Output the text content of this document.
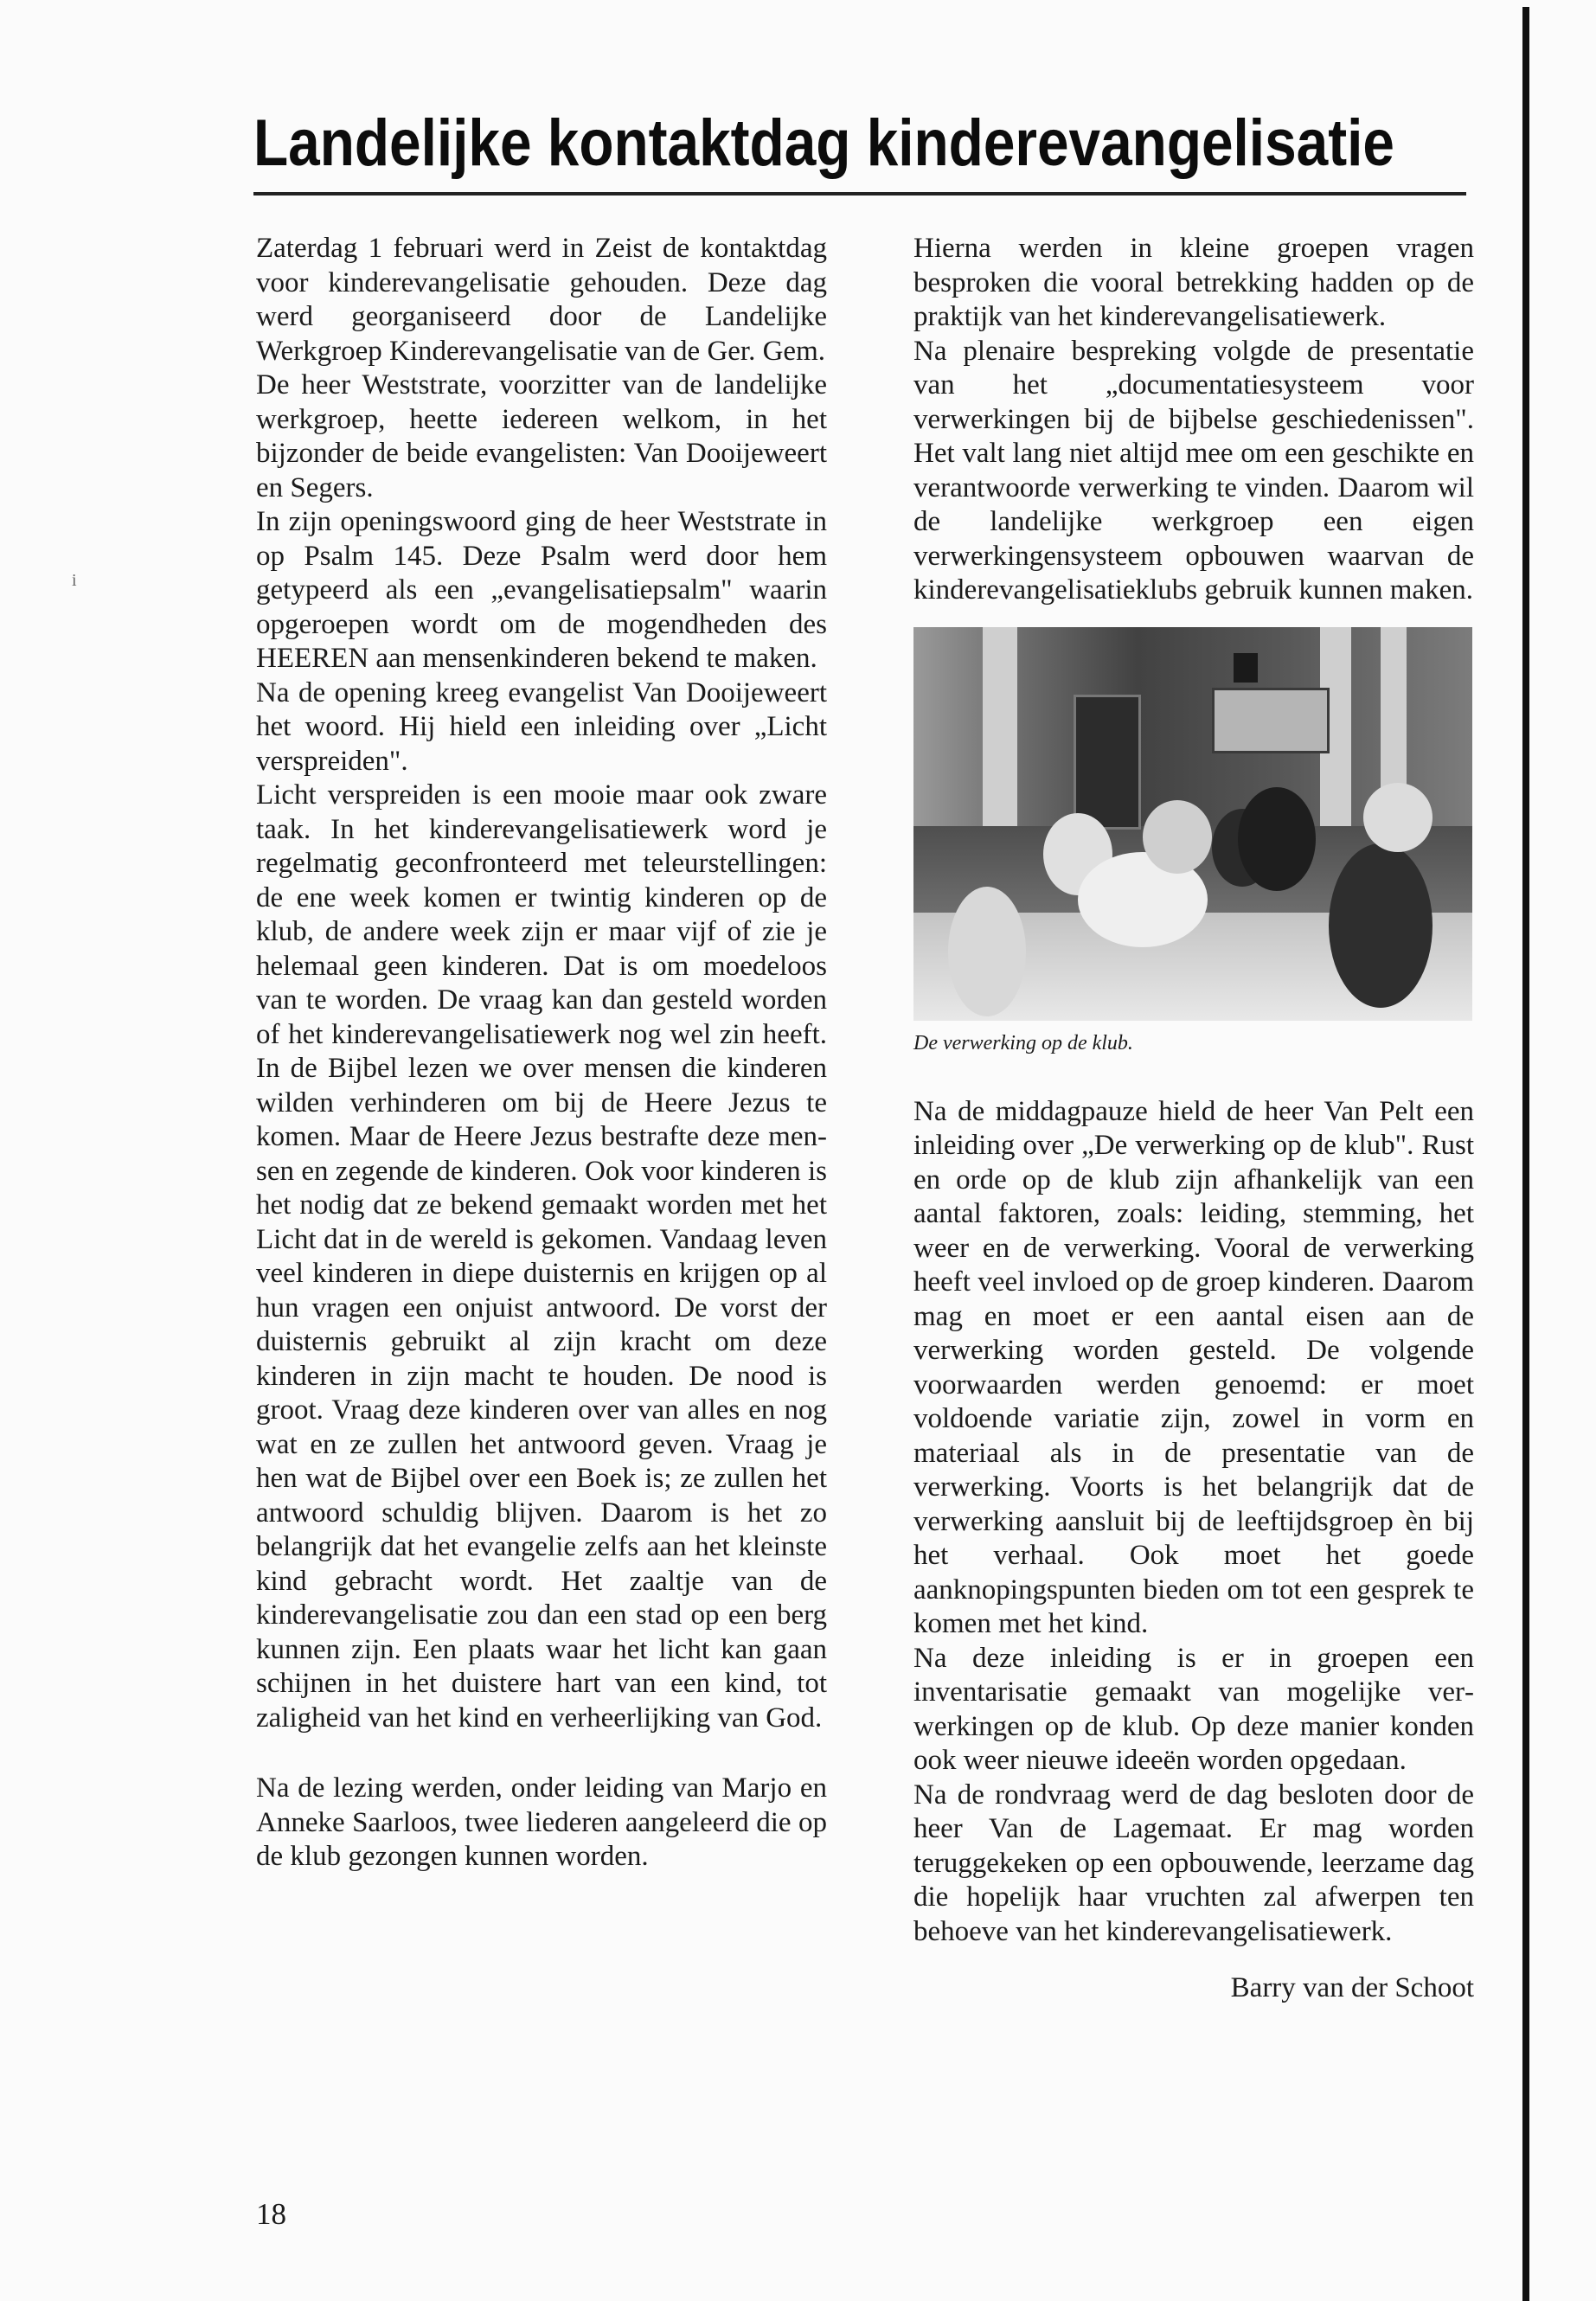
i
Landelijke kontaktdag kinderevangelisatie

Zaterdag 1 februari werd in Zeist de kontaktdag voor kinderevangelisatie gehouden. Deze dag werd georganiseerd door de Landelijke Werkgroep Kinderevangelisatie van de Ger. Gem.

De heer Weststrate, voorzitter van de landelijke werkgroep, heette iedereen welkom, in het bijzonder de beide evangelisten: Van Dooijeweert en Segers.

In zijn openingswoord ging de heer Weststrate in op Psalm 145. Deze Psalm werd door hem getypeerd als een „evangelisatiepsalm" waarin opgeroepen wordt om de mogendheden des HEEREN aan mensenkinderen bekend te maken.

Na de opening kreeg evangelist Van Dooijeweert het woord. Hij hield een inleiding over „Licht verspreiden".

Licht verspreiden is een mooie maar ook zware taak. In het kinderevangelisatiewerk word je regelmatig geconfronteerd met teleurstellingen: de ene week komen er twintig kinderen op de klub, de andere week zijn er maar vijf of zie je helemaal geen kinderen. Dat is om moedeloos van te worden. De vraag kan dan gesteld worden of het kinderevangelisatiewerk nog wel zin heeft. In de Bijbel lezen we over mensen die kinderen wilden verhinderen om bij de Heere Jezus te komen. Maar de Heere Jezus bestrafte deze mensen en zegende de kinderen. Ook voor kinderen is het nodig dat ze bekend gemaakt worden met het Licht dat in de wereld is gekomen. Vandaag leven veel kinderen in diepe duisternis en krijgen op al hun vragen een onjuist antwoord. De vorst der duisternis gebruikt al zijn kracht om deze kinderen in zijn macht te houden. De nood is groot. Vraag deze kinderen over van alles en nog wat en ze zullen het antwoord geven. Vraag je hen wat de Bijbel over een Boek is; ze zullen het antwoord schuldig blijven. Daarom is het zo belangrijk dat het evangelie zelfs aan het kleinste kind gebracht wordt. Het zaaltje van de kinderevangelisatie zou dan een stad op een berg kunnen zijn. Een plaats waar het licht kan gaan schijnen in het duistere hart van een kind, tot zaligheid van het kind en verheerlijking van God.

Na de lezing werden, onder leiding van Marjo en Anneke Saarloos, twee liederen aangeleerd die op de klub gezongen kunnen worden.

Hierna werden in kleine groepen vragen besproken die vooral betrekking hadden op de praktijk van het kinderevangelisatiewerk.

Na plenaire bespreking volgde de presentatie van het „documentatiesysteem voor verwerkingen bij de bijbelse geschiedenissen". Het valt lang niet altijd mee om een geschikte en verantwoorde verwerking te vinden. Daarom wil de landelijke werkgroep een eigen verwerkingensysteem opbouwen waarvan de kinderevangelisatieklubs gebruik kunnen maken.

De verwerking op de klub.

Na de middagpauze hield de heer Van Pelt een inleiding over „De verwerking op de klub". Rust en orde op de klub zijn afhankelijk van een aantal faktoren, zoals: leiding, stemming, het weer en de verwerking. Vooral de verwerking heeft veel invloed op de groep kinderen. Daarom mag en moet er een aantal eisen aan de verwerking worden gesteld. De volgende voorwaarden werden genoemd: er moet voldoende variatie zijn, zowel in vorm en materiaal als in de presentatie van de verwerking. Voorts is het belangrijk dat de verwerking aansluit bij de leeftijdsgroep èn bij het verhaal. Ook moet het goede aanknopingspunten bieden om tot een gesprek te komen met het kind.

Na deze inleiding is er in groepen een inventarisatie gemaakt van mogelijke verwerkingen op de klub. Op deze manier konden ook weer nieuwe ideeën worden opgedaan.

Na de rondvraag werd de dag besloten door de heer Van de Lagemaat. Er mag worden teruggekeken op een opbouwende, leerzame dag die hopelijk haar vruchten zal afwerpen ten behoeve van het kinderevangelisatiewerk.

Barry van der Schoot

18
